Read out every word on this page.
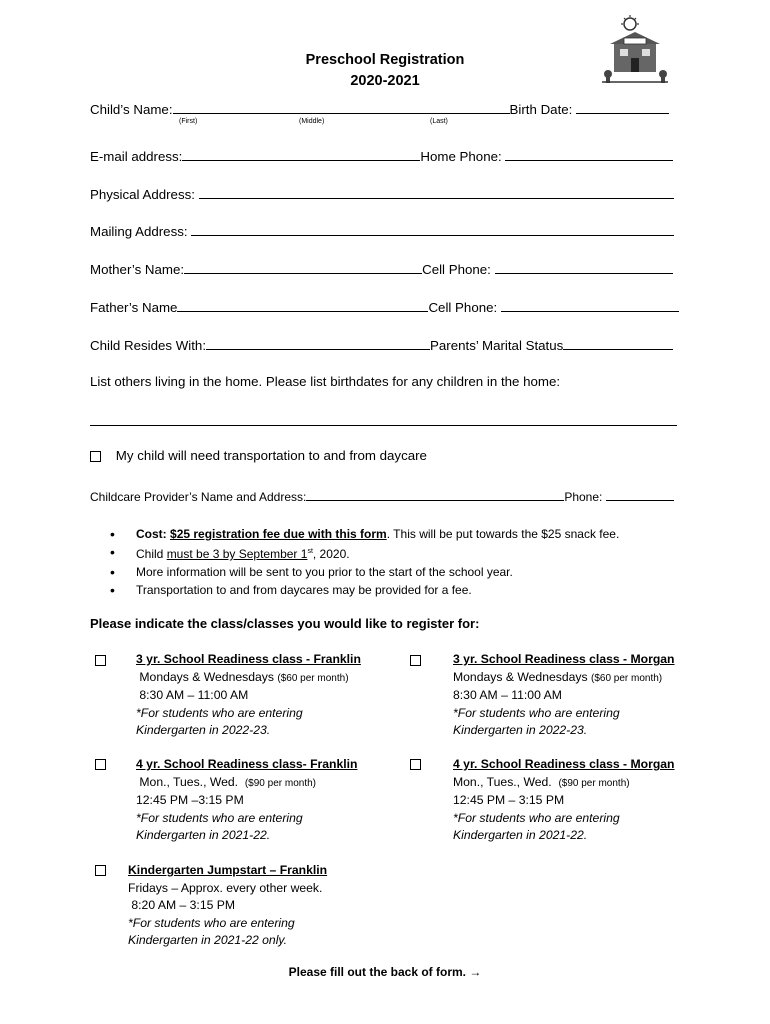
Preschool Registration
2020-2021
Child’s Name:	Birth Date:
(First)	(Middle)	(Last)
E-mail address:	Home Phone:
Physical Address:
Mailing Address:
Mother’s Name:	Cell Phone:
Father’s Name	Cell Phone:
Child Resides With:	Parents’ Marital Status
List others living in the home. Please list birthdates for any children in the home:
My child will need transportation to and from daycare
Childcare Provider’s Name and Address:	Phone:
• Cost: $25 registration fee due with this form. This will be put towards the $25 snack fee.
• Child must be 3 by September 1st, 2020.
• More information will be sent to you prior to the start of the school year.
• Transportation to and from daycares may be provided for a fee.
Please indicate the class/classes you would like to register for:
3 yr. School Readiness class - Franklin
Mondays & Wednesdays ($60 per month)
8:30 AM – 11:00 AM
*For students who are entering
Kindergarten in 2022-23.
3 yr. School Readiness class - Morgan
Mondays & Wednesdays ($60 per month)
8:30 AM – 11:00 AM
*For students who are entering
Kindergarten in 2022-23.
4 yr. School Readiness class- Franklin
Mon., Tues., Wed. ($90 per month)
12:45 PM –3:15 PM
*For students who are entering
Kindergarten in 2021-22.
4 yr. School Readiness class - Morgan
Mon., Tues., Wed. ($90 per month)
12:45 PM – 3:15 PM
*For students who are entering
Kindergarten in 2021-22.
Kindergarten Jumpstart – Franklin
Fridays – Approx. every other week.
8:20 AM – 3:15 PM
*For students who are entering
Kindergarten in 2021-22 only.
Please fill out the back of form. →
